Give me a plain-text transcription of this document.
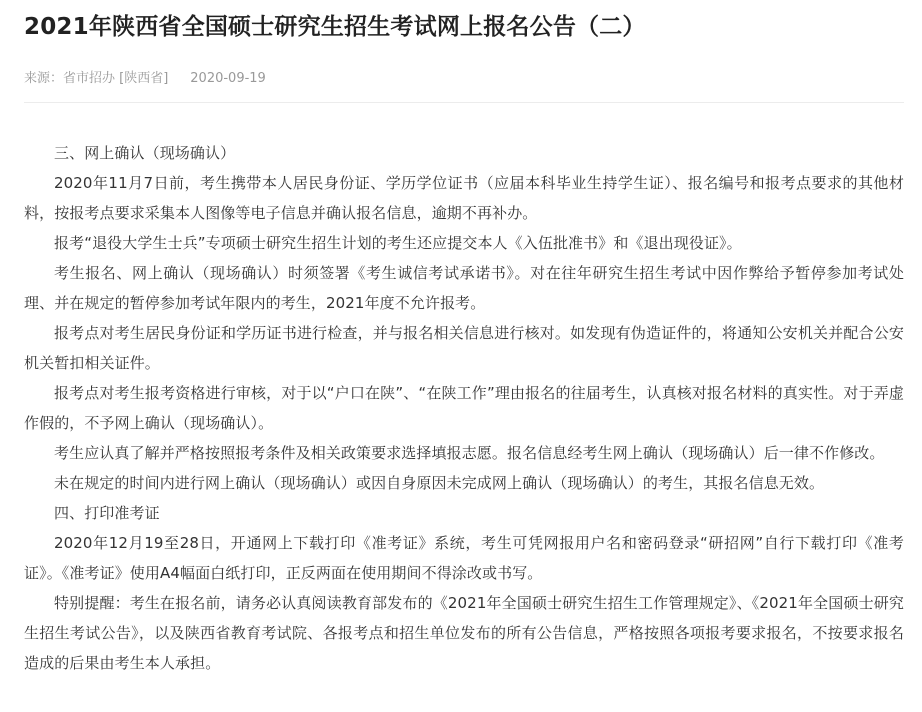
2021年陕西省全国硕士研究生招生考试网上报名公告（二）
来源：省市招办 [陕西省] 2020-09-19

三、网上确认（现场确认）

2020年11月7日前，考生携带本人居民身份证、学历学位证书（应届本科毕业生持学生证）、报名编号和报考点要求的其他材料，按报考点要求采集本人图像等电子信息并确认报名信息，逾期不再补办。

报考“退役大学生士兵”专项硕士研究生招生计划的考生还应提交本人《入伍批准书》和《退出现役证》。

考生报名、网上确认（现场确认）时须签署《考生诚信考试承诺书》。对在往年研究生招生考试中因作弊给予暂停参加考试处理、并在规定的暂停参加考试年限内的考生，2021年度不允许报考。

报考点对考生居民身份证和学历证书进行检查，并与报名相关信息进行核对。如发现有伪造证件的，将通知公安机关并配合公安机关暂扣相关证件。

报考点对考生报考资格进行审核，对于以“户口在陕”、“在陕工作”理由报名的往届考生，认真核对报名材料的真实性。对于弄虚作假的，不予网上确认（现场确认）。

考生应认真了解并严格按照报考条件及相关政策要求选择填报志愿。报名信息经考生网上确认（现场确认）后一律不作修改。

未在规定的时间内进行网上确认（现场确认）或因自身原因未完成网上确认（现场确认）的考生，其报名信息无效。

四、打印准考证

2020年12月19至28日，开通网上下载打印《准考证》系统，考生可凭网报用户名和密码登录“研招网”自行下载打印《准考证》。《准考证》使用A4幅面白纸打印，正反两面在使用期间不得涂改或书写。

特别提醒：考生在报名前，请务必认真阅读教育部发布的《2021年全国硕士研究生招生工作管理规定》、《2021年全国硕士研究生招生考试公告》，以及陕西省教育考试院、各报考点和招生单位发布的所有公告信息，严格按照各项报考要求报名，不按要求报名造成的后果由考生本人承担。
